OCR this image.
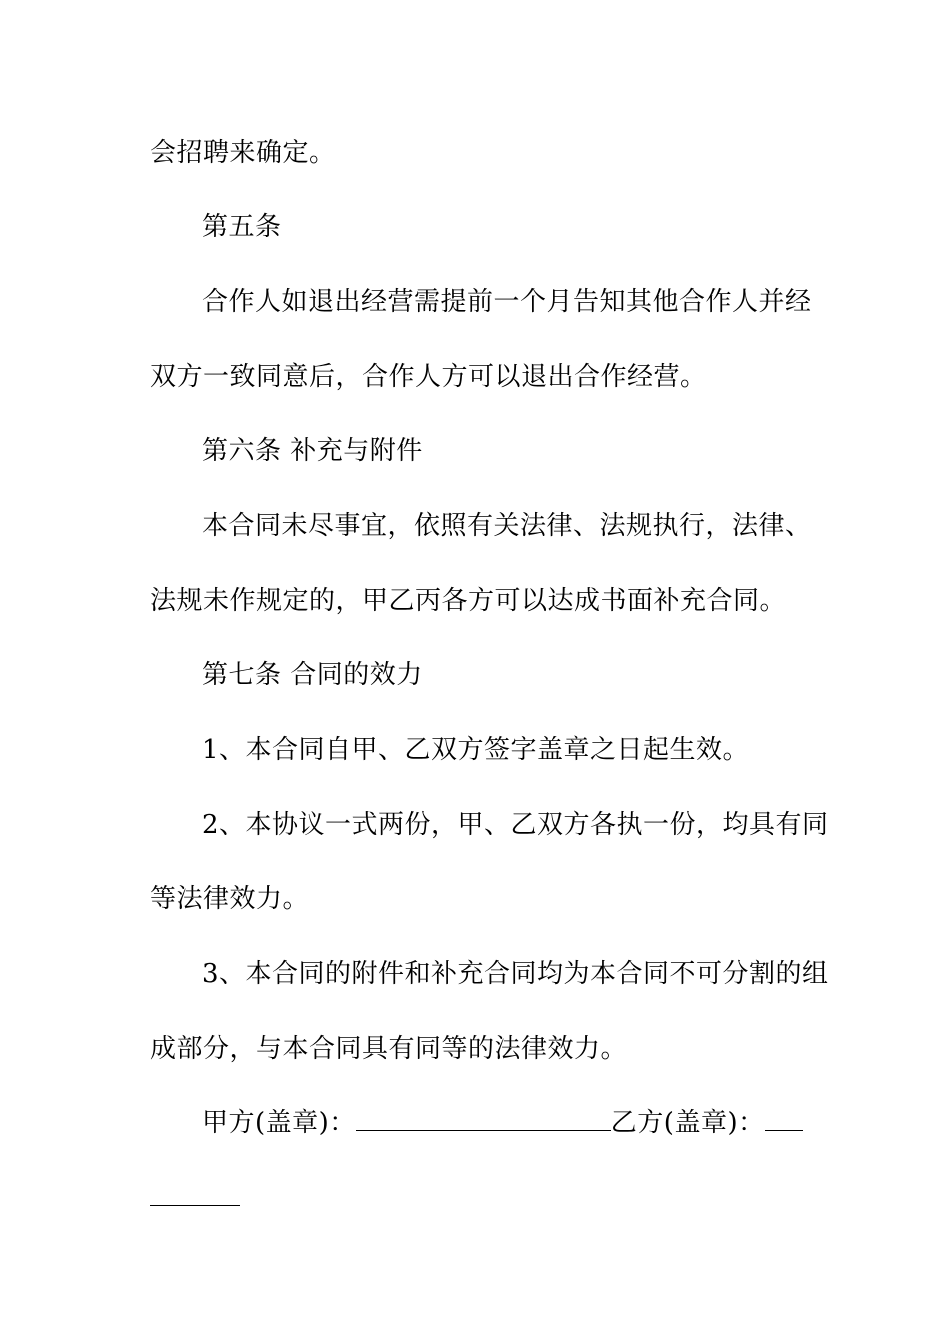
会招聘来确定。
第五条
合作人如退出经营需提前一个月告知其他合作人并经
双方一致同意后，合作人方可以退出合作经营。
第六条 补充与附件
本合同未尽事宜，依照有关法律、法规执行，法律、
法规未作规定的，甲乙丙各方可以达成书面补充合同。
第七条 合同的效力
1、本合同自甲、乙双方签字盖章之日起生效。
2、本协议一式两份，甲、乙双方各执一份，均具有同
等法律效力。
3、本合同的附件和补充合同均为本合同不可分割的组
成部分，与本合同具有同等的法律效力。
甲方(盖章)：	乙方(盖章)：
